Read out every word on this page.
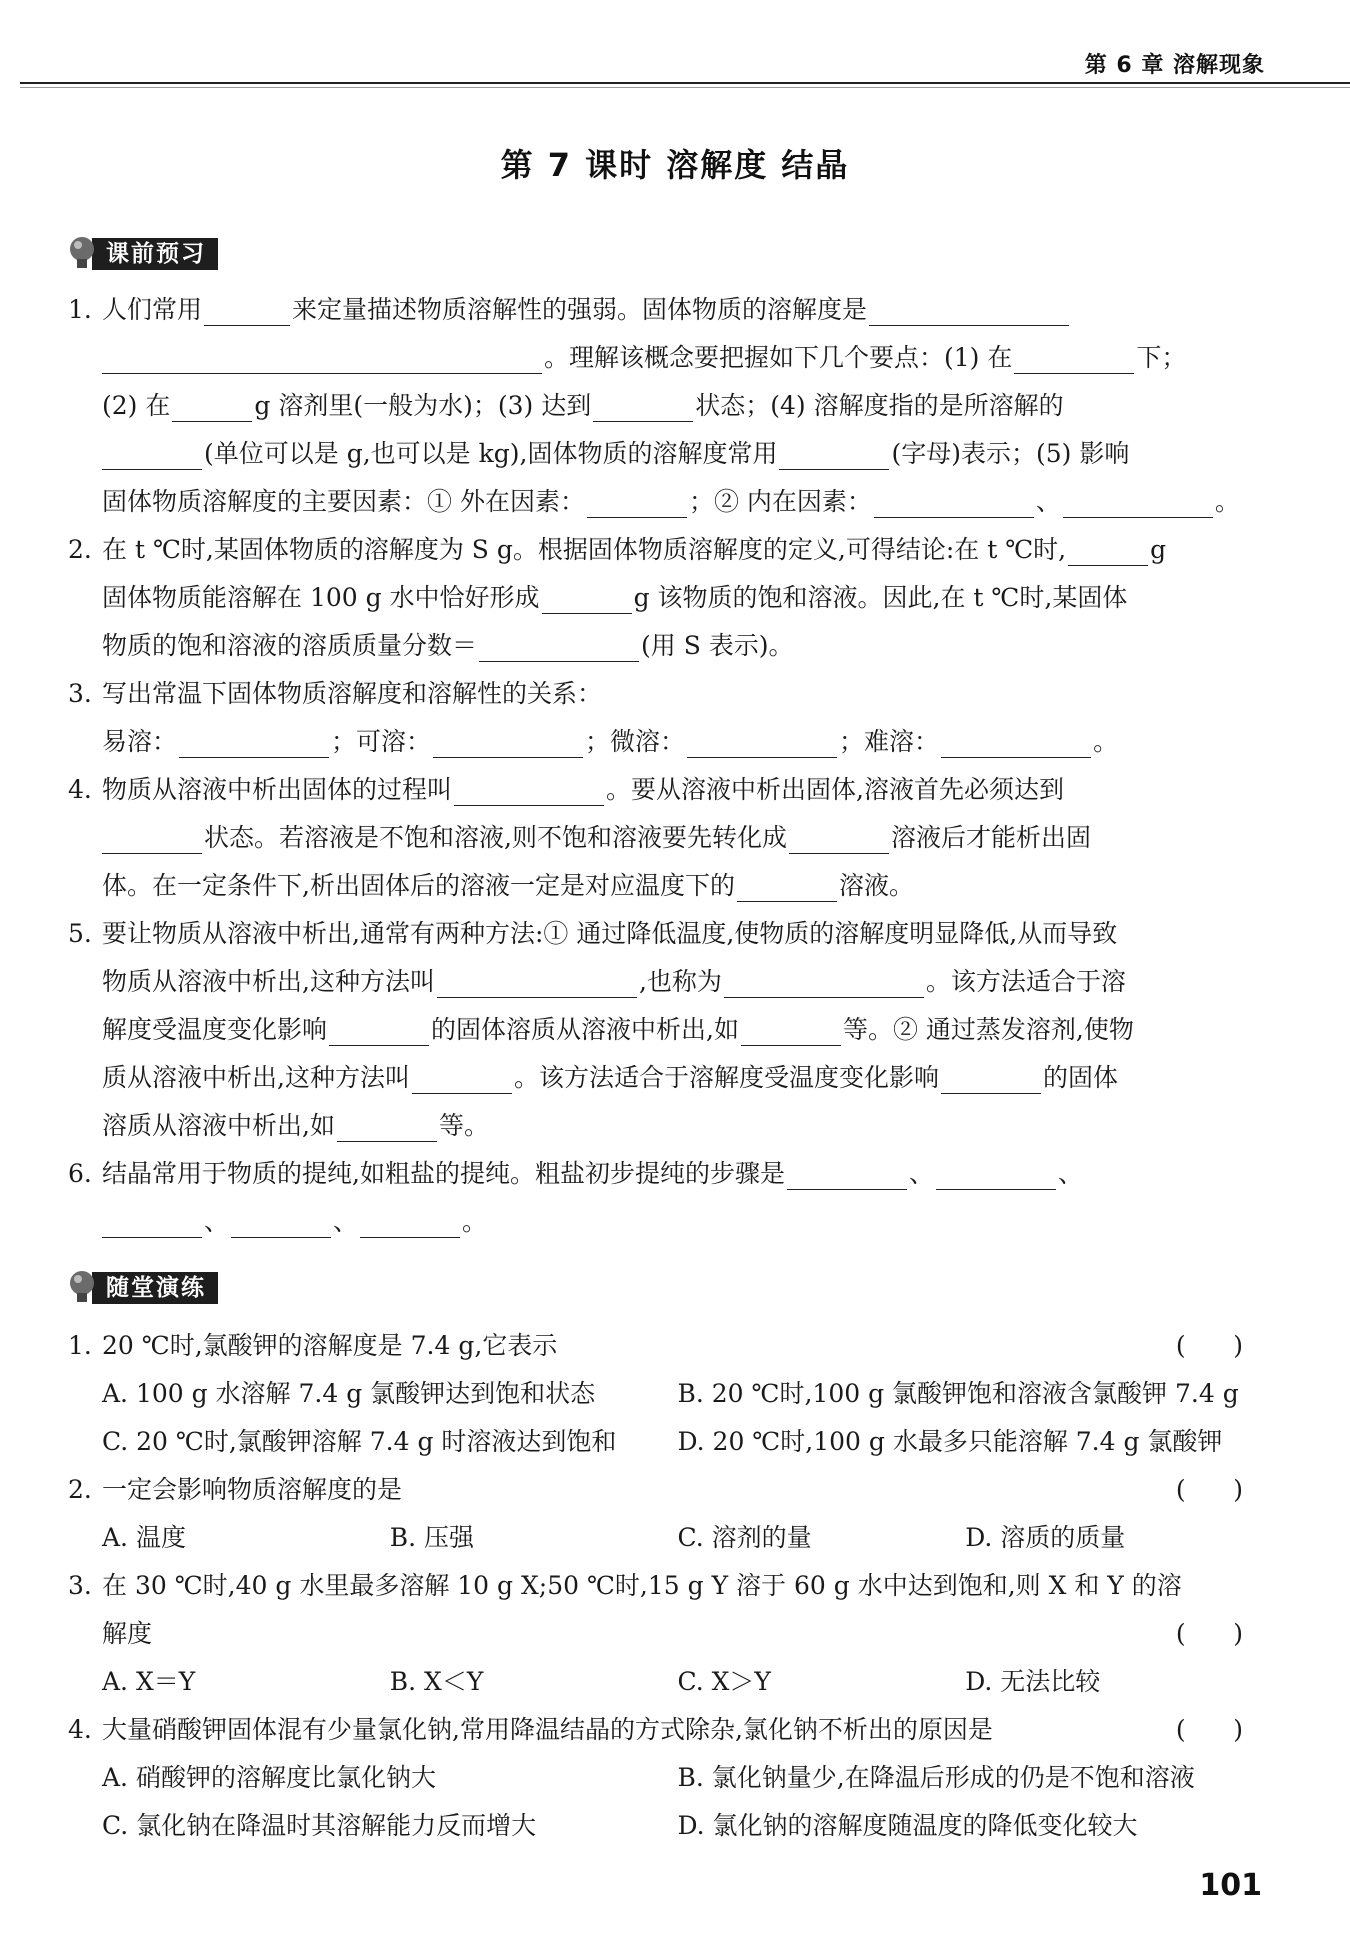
第 6 章 溶解现象
第 7 课时 溶解度 结晶
课前预习
1. 人们常用	来定量描述物质溶解性的强弱。固体物质的溶解度是
。理解该概念要把握如下几个要点：(1) 在	下；
(2) 在	g 溶剂里(一般为水)；(3) 达到	状态；(4) 溶解度指的是所溶解的
(单位可以是 g,也可以是 kg),固体物质的溶解度常用	(字母)表示；(5) 影响
固体物质溶解度的主要因素：① 外在因素：	；② 内在因素：	、	。
2. 在 t ℃时,某固体物质的溶解度为 S g。根据固体物质溶解度的定义,可得结论:在 t ℃时,	g
固体物质能溶解在 100 g 水中恰好形成	g 该物质的饱和溶液。因此,在 t ℃时,某固体
物质的饱和溶液的溶质质量分数＝	(用 S 表示)。
3. 写出常温下固体物质溶解度和溶解性的关系：
易溶：	；可溶：	；微溶：	；难溶：	。
4. 物质从溶液中析出固体的过程叫	。要从溶液中析出固体,溶液首先必须达到
状态。若溶液是不饱和溶液,则不饱和溶液要先转化成	溶液后才能析出固
体。在一定条件下,析出固体后的溶液一定是对应温度下的	溶液。
5. 要让物质从溶液中析出,通常有两种方法:① 通过降低温度,使物质的溶解度明显降低,从而导致
物质从溶液中析出,这种方法叫	,也称为	。该方法适合于溶
解度受温度变化影响	的固体溶质从溶液中析出,如	等。② 通过蒸发溶剂,使物
质从溶液中析出,这种方法叫	。该方法适合于溶解度受温度变化影响	的固体
溶质从溶液中析出,如	等。
6. 结晶常用于物质的提纯,如粗盐的提纯。粗盐初步提纯的步骤是	、	、
、	、	。
随堂演练
1. 20 ℃时,氯酸钾的溶解度是 7.4 g,它表示	(      )
A. 100 g 水溶解 7.4 g 氯酸钾达到饱和状态	B. 20 ℃时,100 g 氯酸钾饱和溶液含氯酸钾 7.4 g
C. 20 ℃时,氯酸钾溶解 7.4 g 时溶液达到饱和	D. 20 ℃时,100 g 水最多只能溶解 7.4 g 氯酸钾
2. 一定会影响物质溶解度的是	(      )
A. 温度	B. 压强	C. 溶剂的量	D. 溶质的质量
3. 在 30 ℃时,40 g 水里最多溶解 10 g X;50 ℃时,15 g Y 溶于 60 g 水中达到饱和,则 X 和 Y 的溶
解度	(      )
A. X＝Y	B. X＜Y	C. X＞Y	D. 无法比较
4. 大量硝酸钾固体混有少量氯化钠,常用降温结晶的方式除杂,氯化钠不析出的原因是	(      )
A. 硝酸钾的溶解度比氯化钠大	B. 氯化钠量少,在降温后形成的仍是不饱和溶液
C. 氯化钠在降温时其溶解能力反而增大	D. 氯化钠的溶解度随温度的降低变化较大
101
